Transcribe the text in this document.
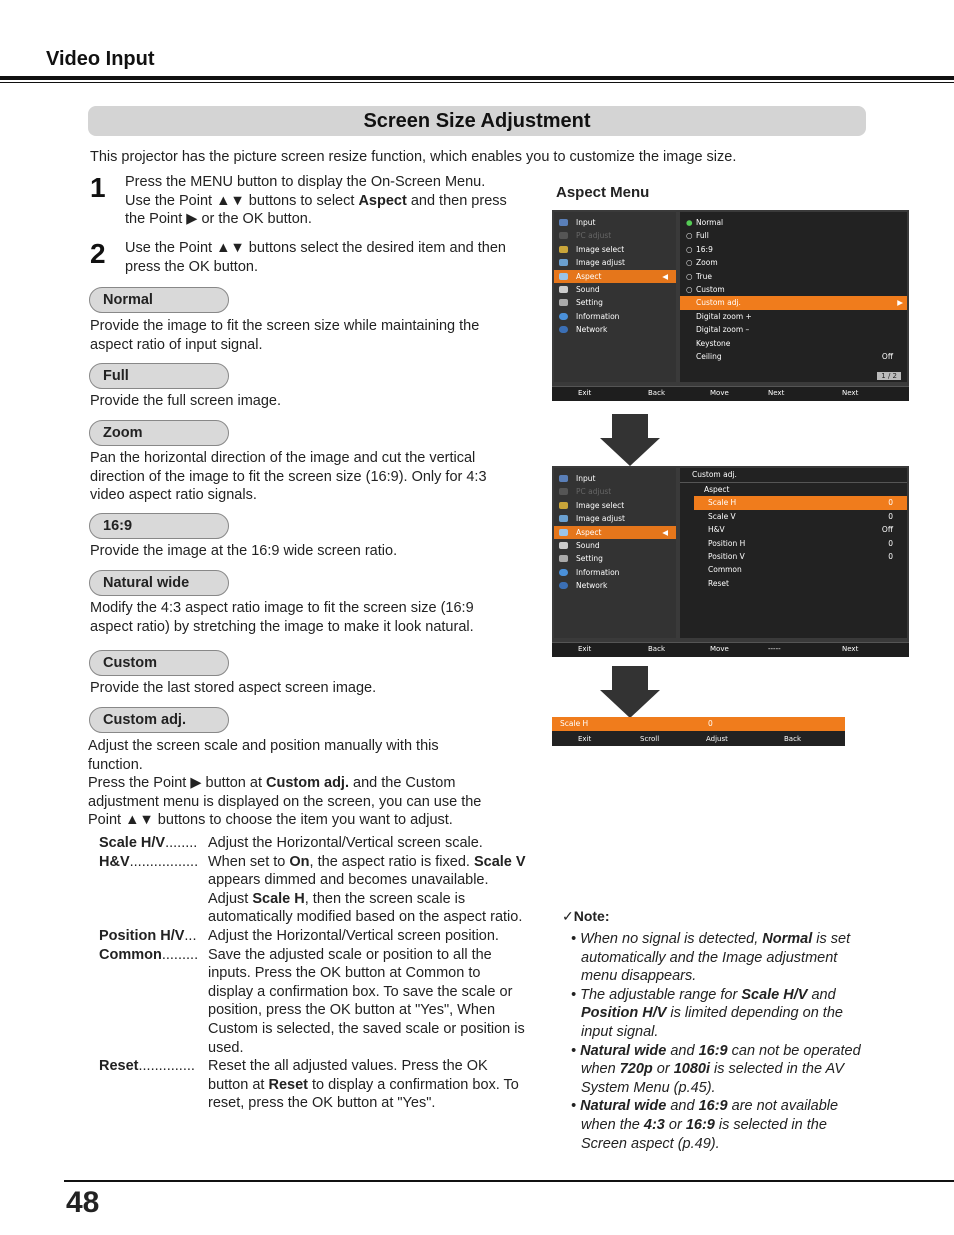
Video Input
Screen Size Adjustment
This projector has the picture screen resize function, which enables you to customize the image size.
1 Press the MENU button to display the On-Screen Menu. Use the Point ▲▼ buttons to select Aspect and then press the Point ▶ or the OK button.
2 Use the Point ▲▼ buttons select the desired item and then press the OK button.
Normal
Provide the image to fit the screen size while maintaining the aspect ratio of input signal.
Full
Provide the full screen image.
Zoom
Pan the horizontal direction of the image and cut the vertical direction of the image to fit the screen size (16:9). Only for 4:3 video aspect ratio signals.
16:9
Provide the image at the 16:9 wide screen ratio.
Natural wide
Modify the 4:3 aspect ratio image to fit the screen size (16:9 aspect ratio) by stretching the image to make it look natural.
Custom
Provide the last stored aspect screen image.
Custom adj.
Adjust the screen scale and position manually with this function.
Press the Point ▶ button at Custom adj. and the Custom adjustment menu is displayed on the screen, you can use the Point ▲▼ buttons to choose the item you want to adjust.
Scale H/V........ Adjust the Horizontal/Vertical screen scale.
H&V................. When set to On, the aspect ratio is fixed. Scale V appears dimmed and becomes unavailable. Adjust Scale H, then the screen scale is automatically modified based on the aspect ratio.
Position H/V... Adjust the Horizontal/Vertical screen position.
Common......... Save the adjusted scale or position to all the inputs. Press the OK button at Common to display a confirmation box. To save the scale or position, press the OK button at "Yes", When Custom is selected, the saved scale or position is used.
Reset.............. Reset the all adjusted values. Press the OK button at Reset to display a confirmation box. To reset, press the OK button at "Yes".
Aspect Menu
Input
PC adjust
Image select
Image adjust
Aspect	◀
Sound
Setting
Information
Network
● Normal
○ Full
○ 16:9
○ Zoom
○ True
○ Custom
Custom adj.	▶
Digital zoom +
Digital zoom –
Keystone
Ceiling	Off
1 / 2
Exit	Back	Move	Next	Next
Input
PC adjust
Image select
Image adjust
Aspect	◀
Sound
Setting
Information
Network
Custom adj.
Aspect
Scale H	0
Scale V	0
H&V	Off
Position H	0
Position V	0
Common
Reset
Exit	Back	Move	-----	Next
Scale H	0
Exit	Scroll	Adjust	Back
✓Note:

• When no signal is detected, Normal is set automatically and the Image adjustment menu disappears.

• The adjustable range for Scale H/V and Position H/V is limited depending on the input signal.

• Natural wide and 16:9 can not be operated when 720p or 1080i is selected in the AV System Menu (p.45).

• Natural wide and 16:9 are not available when the 4:3 or 16:9 is selected in the Screen aspect (p.49).

48
